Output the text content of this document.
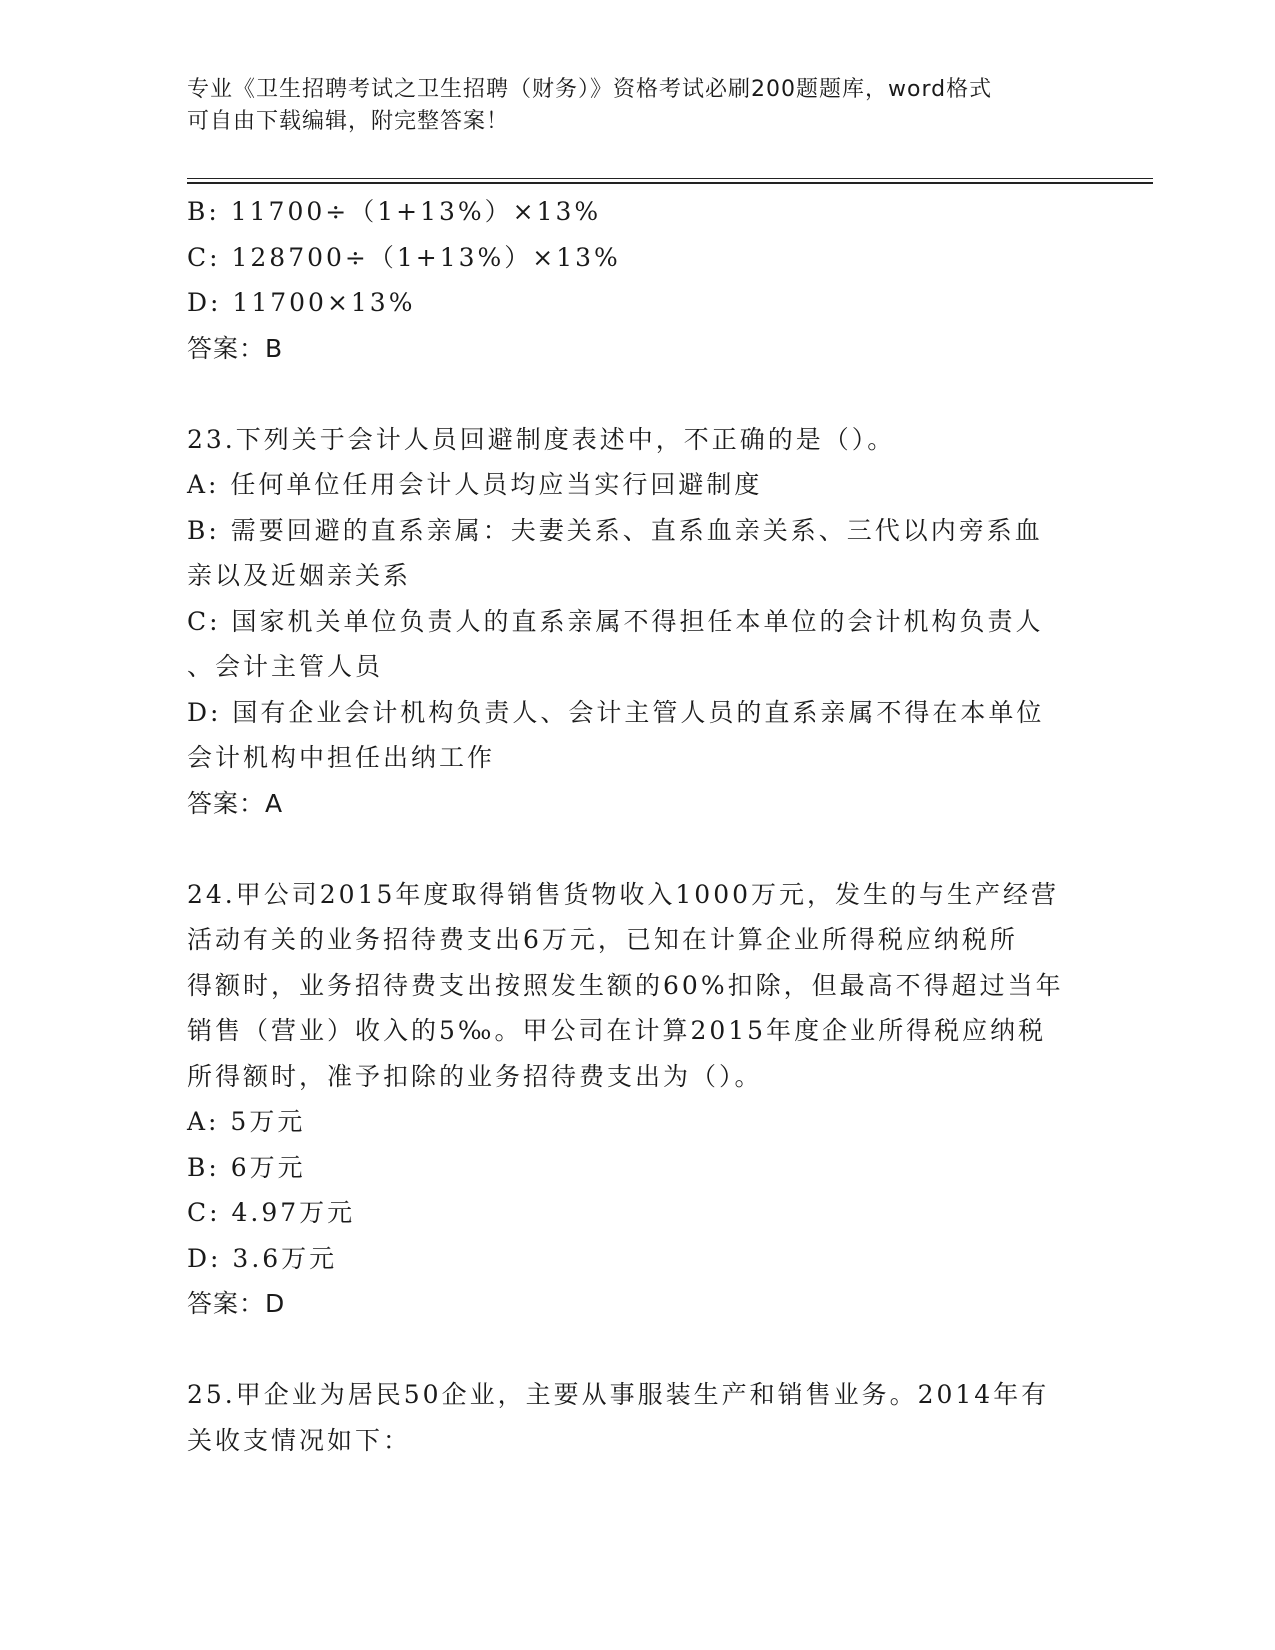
专业《卫生招聘考试之卫生招聘（财务）》资格考试必刷200题题库，word格式
可自由下载编辑，附完整答案！
B: 11700÷（1+13%）×13%
C: 128700÷（1+13%）×13%
D: 11700×13%
答案：B
23.下列关于会计人员回避制度表述中，不正确的是（）。
A: 任何单位任用会计人员均应当实行回避制度
B: 需要回避的直系亲属：夫妻关系、直系血亲关系、三代以内旁系血
亲以及近姻亲关系
C: 国家机关单位负责人的直系亲属不得担任本单位的会计机构负责人
、会计主管人员
D: 国有企业会计机构负责人、会计主管人员的直系亲属不得在本单位
会计机构中担任出纳工作
答案：A
24.甲公司2015年度取得销售货物收入1000万元，发生的与生产经营
活动有关的业务招待费支出6万元，已知在计算企业所得税应纳税所
得额时，业务招待费支出按照发生额的60%扣除，但最高不得超过当年
销售（营业）收入的5‰。甲公司在计算2015年度企业所得税应纳税
所得额时，准予扣除的业务招待费支出为（）。
A: 5万元
B: 6万元
C: 4.97万元
D: 3.6万元
答案：D
25.甲企业为居民50企业，主要从事服装生产和销售业务。2014年有
关收支情况如下：
